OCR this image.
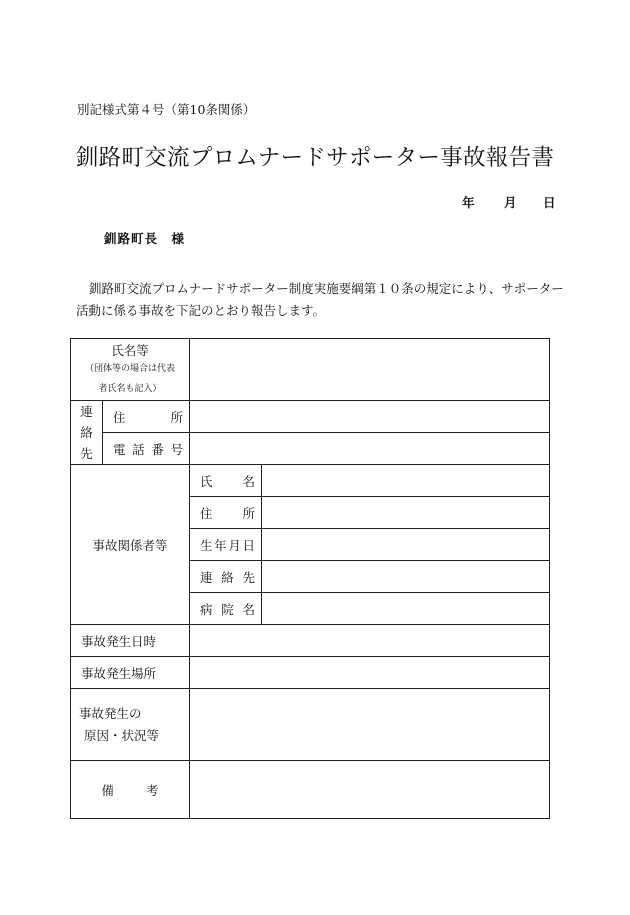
別記様式第４号（第10条関係）
釧路町交流プロムナードサポーター事故報告書
年 月 日
釧路町長　様
釧路町交流プロムナードサポーター制度実施要綱第１０条の規定により、サポーター活動に係る事故を下記のとおり報告します。
氏名等
（団体等の場合は代表
者氏名も記入）			

連
絡
先	住 所		

	電 話 番 号		

事故関係者等		氏 名	

		住 所	

		生 年 月 日	

		連 絡 先	

		病 院 名	

事故発生日時			
事故発生場所			

事故発生の
原因・状況等			

備 考			
